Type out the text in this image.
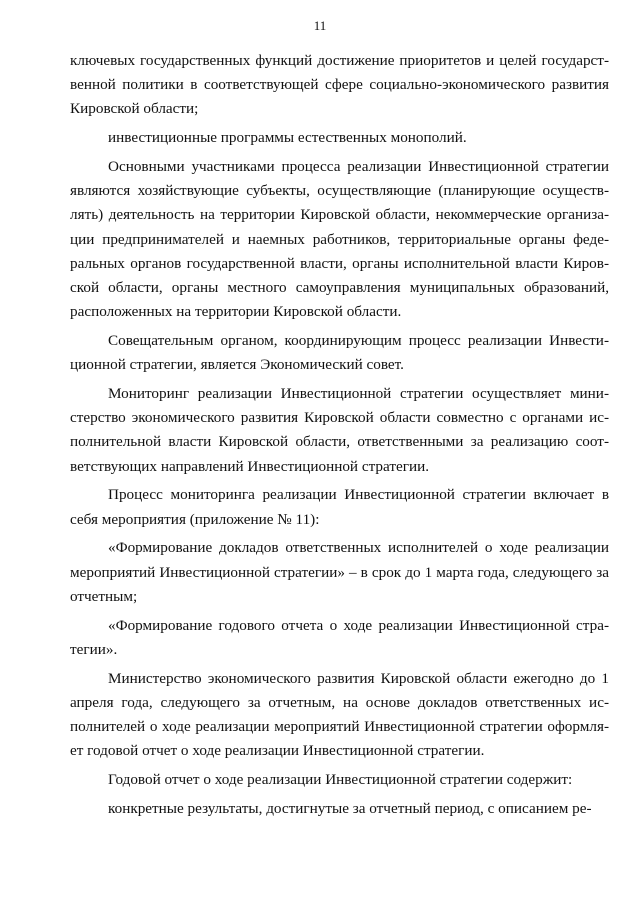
11

ключевых государственных функций достижение приоритетов и целей государственной политики в соответствующей сфере социально-экономического развития Кировской области;

инвестиционные программы естественных монополий.

Основными участниками процесса реализации Инвестиционной стратегии являются хозяйствующие субъекты, осуществляющие (планирующие осуществлять) деятельность на территории Кировской области, некоммерческие организации предпринимателей и наемных работников, территориальные органы федеральных органов государственной власти, органы исполнительной власти Кировской области, органы местного самоуправления муниципальных образований, расположенных на территории Кировской области.

Совещательным органом, координирующим процесс реализации Инвестиционной стратегии, является Экономический совет.

Мониторинг реализации Инвестиционной стратегии осуществляет министерство экономического развития Кировской области совместно с органами исполнительной власти Кировской области, ответственными за реализацию соответствующих направлений Инвестиционной стратегии.

Процесс мониторинга реализации Инвестиционной стратегии включает в себя мероприятия (приложение № 11):

«Формирование докладов ответственных исполнителей о ходе реализации мероприятий Инвестиционной стратегии» – в срок до 1 марта года, следующего за отчетным;

«Формирование годового отчета о ходе реализации Инвестиционной стратегии».

Министерство экономического развития Кировской области ежегодно до 1 апреля года, следующего за отчетным, на основе докладов ответственных исполнителей о ходе реализации мероприятий Инвестиционной стратегии оформляет годовой отчет о ходе реализации Инвестиционной стратегии.

Годовой отчет о ходе реализации Инвестиционной стратегии содержит:

конкретные результаты, достигнутые за отчетный период, с описанием ре-
